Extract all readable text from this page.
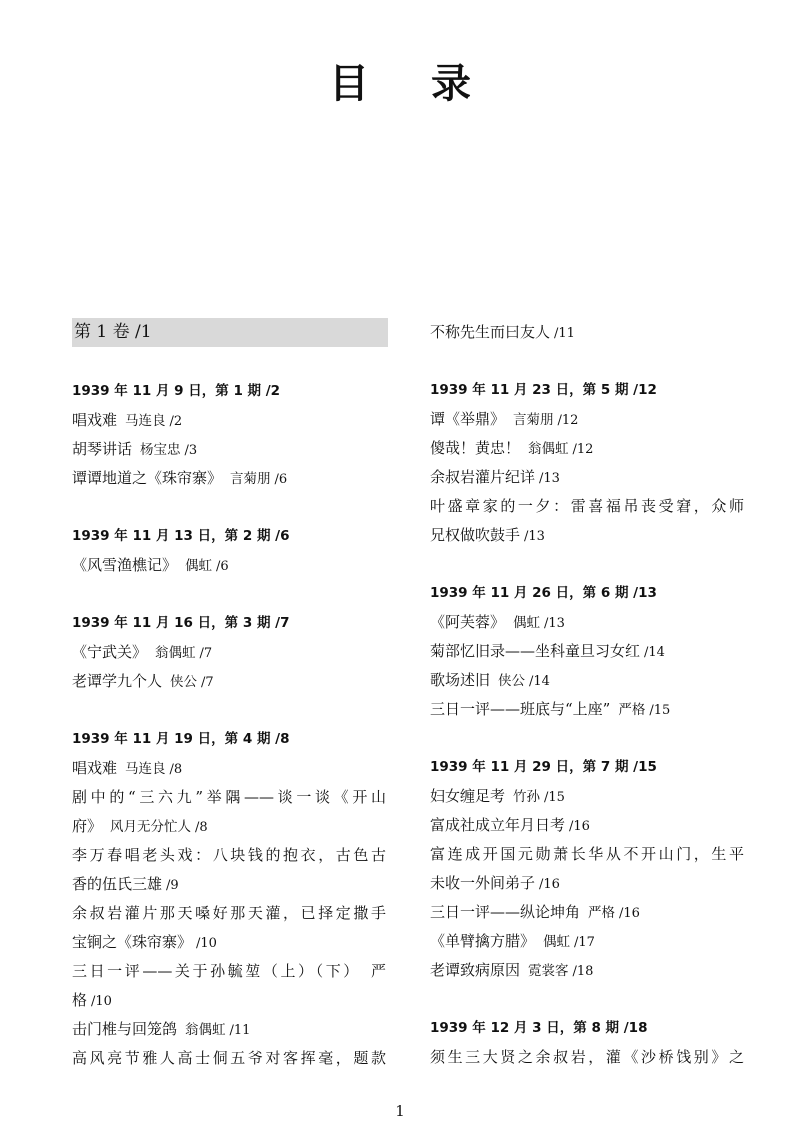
目 录
第 1 卷 /1
1939 年 11 月 9 日，第 1 期 /2
唱戏难 马连良 /2
胡琴讲话 杨宝忠 /3
谭谭地道之《珠帘寨》 言菊朋 /6
1939 年 11 月 13 日，第 2 期 /6
《风雪渔樵记》 偶虹 /6
1939 年 11 月 16 日，第 3 期 /7
《宁武关》 翁偶虹 /7
老谭学九个人 侠公 /7
1939 年 11 月 19 日，第 4 期 /8
唱戏难 马连良 /8
剧中的“三六九”举隅——谈一谈《开山
府》 风月无分忙人 /8
李万春唱老头戏：八块钱的抱衣，古色古
香的伍氏三雄 /9
余叔岩灌片那天嗓好那天灌，已择定撒手
宝锏之《珠帘寨》 /10
三日一评——关于孙毓堃（上）（下）　严
格 /10
击门椎与回笼鸽 翁偶虹 /11
高风亮节雅人高士侗五爷对客挥毫，题款
不称先生而曰友人 /11
1939 年 11 月 23 日，第 5 期 /12
谭《举鼎》 言菊朋 /12
傻哉！黄忠！ 翁偶虹 /12
余叔岩灌片纪详 /13
叶盛章家的一夕：雷喜福吊丧受窘，众师
兄权做吹鼓手 /13
1939 年 11 月 26 日，第 6 期 /13
《阿芙蓉》 偶虹 /13
菊部忆旧录——坐科童旦习女红 /14
歌场述旧 侠公 /14
三日一评——班底与“上座” 严格 /15
1939 年 11 月 29 日，第 7 期 /15
妇女缠足考 竹孙 /15
富成社成立年月日考 /16
富连成开国元勋萧长华从不开山门，生平
未收一外间弟子 /16
三日一评——纵论坤角 严格 /16
《单臂擒方腊》 偶虹 /17
老谭致病原因 霓裳客 /18
1939 年 12 月 3 日，第 8 期 /18
须生三大贤之余叔岩，灌《沙桥饯别》之
1
